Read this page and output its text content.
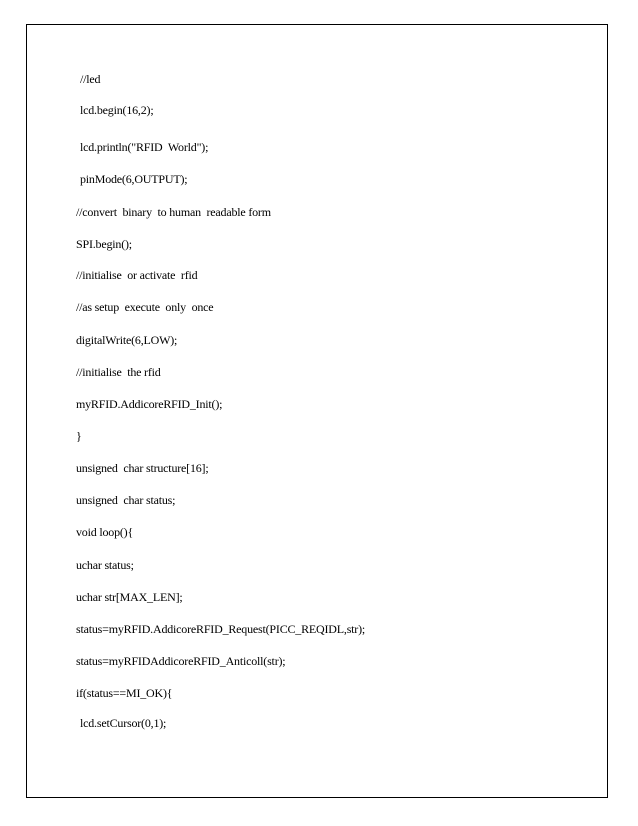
//led
lcd.begin(16,2);
lcd.println("RFID  World");
pinMode(6,OUTPUT);
//convert  binary  to human  readable form
SPI.begin();
//initialise  or activate  rfid
//as setup  execute  only  once
digitalWrite(6,LOW);
//initialise  the rfid
myRFID.AddicoreRFID_Init();
}
unsigned  char structure[16];
unsigned  char status;
void loop(){
uchar status;
uchar str[MAX_LEN];
status=myRFID.AddicoreRFID_Request(PICC_REQIDL,str);
status=myRFIDAddicoreRFID_Anticoll(str);
if(status==MI_OK){
lcd.setCursor(0,1);
